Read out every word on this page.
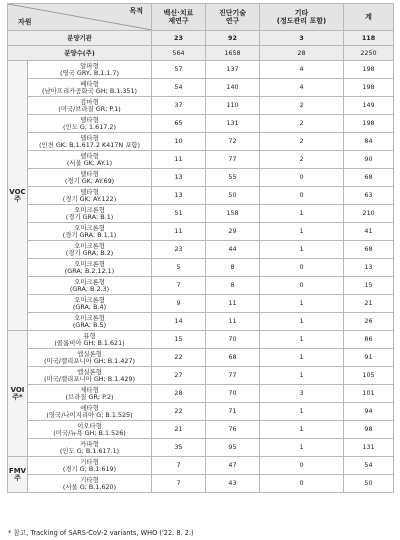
목적
자원		백신·치료
제연구	진단기술
연구	기타
(정도관리 포함)	계
분양기관		23	92	3	118
분양수(주)		564	1658	28	2250

VOC
주	알파형
(영국 GRY, B.1.1.7)	57	137	4	198

	베타형
(남아프리카공화국 GH; B.1.351)	54	140	4	198

	감마형
(미국/브라질 GR; P.1)	37	110	2	149

	델타형
(인도 G; 1.617.2)	65	131	2	198

	델타형
(인천 GK; B.1.617.2 K417N 포함)	10	72	2	84

	델타형
(서울 GK; AY.1)	11	77	2	90

	델타형
(경기 GK; AY.69)	13	55	0	68

	델타형
(경기 GK; AY.122)	13	50	0	63

	오미크론형
(경기 GRA; B.1)	51	158	1	210

	오미크론형
(경기 GRA; B.1.1)	11	29	1	41

	오미크론형
(경기 GRA; B.2)	23	44	1	68

	오미크론형
(GRA; B.2.12.1)	5	8	0	13

	오미크론형
(GRA; B.2.3)	7	8	0	15

	오미크론형
(GRA; B.4)	9	11	1	21

	오미크론형
(GRA; B.5)	14	11	1	26

VOI
주*	뮤형
(콜롬비아 GH; B.1.621)	15	70	1	86

	엡실론형
(미국/캘리포니아 GH; B.1.427)	22	68	1	91

	엡실론형
(미국/캘리포니아 GH; B.1.429)	27	77	1	105

	제타형
(브라질 GR; P.2)	28	70	3	101

	에타형
(영국/나이지리아 G; B.1.525)	22	71	1	94

	이오타형
(미국/뉴욕 GH; B.1.526)	21	76	1	98

	카파형
(인도 G; B.1.617.1)	35	95	1	131

FMV
주	기타형
(경기 G; B.1.619)	7	47	0	54

	기타형
(서울 G; B.1.620)	7	43	0	50
* 참고, Tracking of SARS-CoV-2 variants, WHO ('22. 8. 2.)
